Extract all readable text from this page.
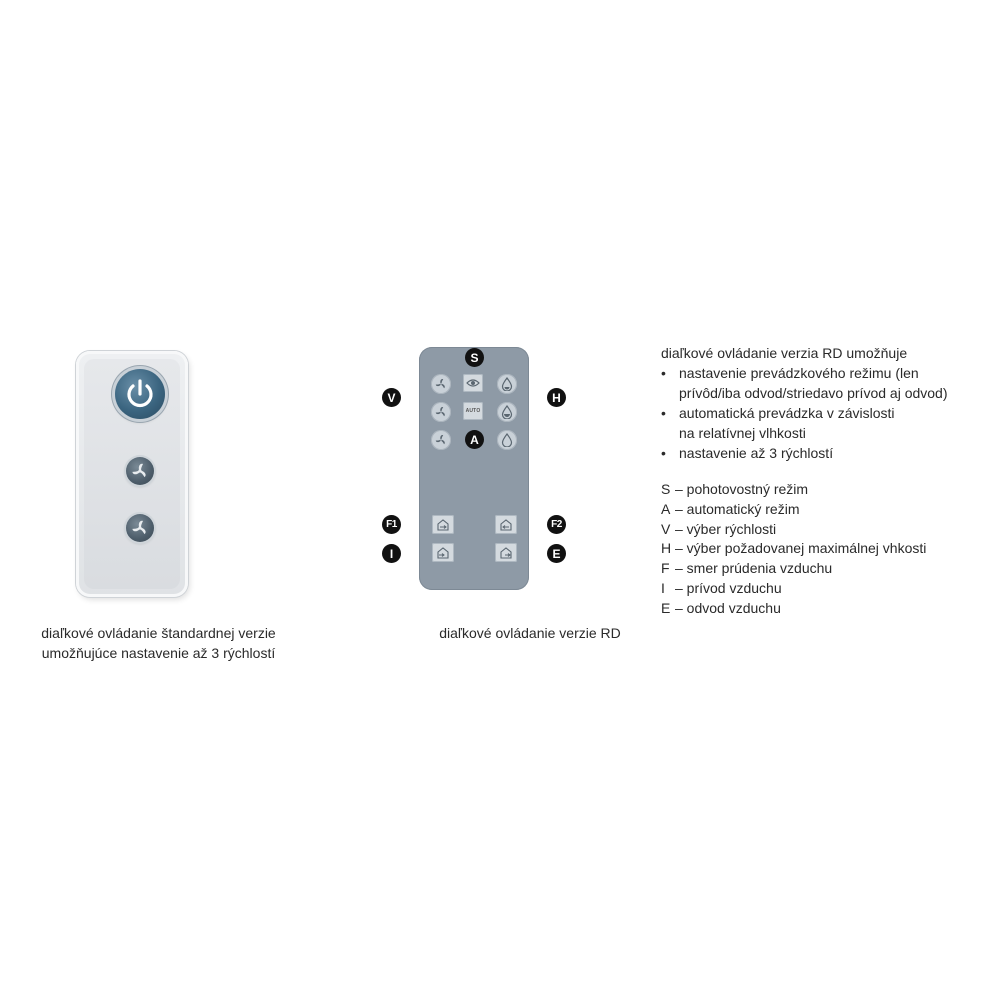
diaľkové ovládanie štandardnej verzie
umožňujúce nastavenie až 3 rýchlostí
AUTO
S
A
V	H
F1	F2
I	E
diaľkové ovládanie verzie RD
diaľkové ovládanie verzia RD umožňuje
• nastavenie prevádzkového režimu (len
prívôd/iba odvod/striedavo prívod aj odvod)
• automatická prevádzka v závislosti
na relatívnej vlhkosti
• nastavenie až 3 rýchlostí
S – pohotovostný režim
A – automatický režim
V – výber rýchlosti
H – výber požadovanej maximálnej vhkosti
F – smer prúdenia vzduchu
I – prívod vzduchu
E – odvod vzduchu
